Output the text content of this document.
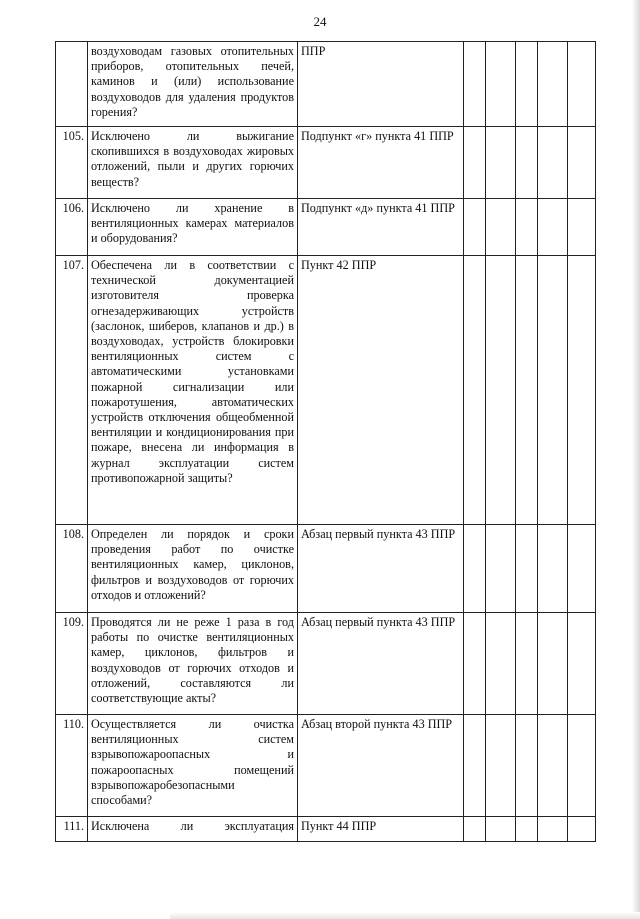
24
	воздуховодам газовых отопительных приборов, отопительных печей, каминов и (или) использование воздуховодов для удаления продуктов горения?	ППР					
105.	Исключено ли выжигание скопившихся в воздуховодах жировых отложений, пыли и других горючих веществ?	Подпункт «г» пункта 41 ППР					
106.	Исключено ли хранение в вентиляционных камерах материалов и оборудования?	Подпункт «д» пункта 41 ППР					
107.	Обеспечена ли в соответствии с технической документацией изготовителя проверка огнезадерживающих устройств (заслонок, шиберов, клапанов и др.) в воздуховодах, устройств блокировки вентиляционных систем с автоматическими установками пожарной сигнализации или пожаротушения, автоматических устройств отключения общеобменной вентиляции и кондиционирования при пожаре, внесена ли информация в журнал эксплуатации систем противопожарной защиты?	Пункт 42 ППР					
108.	Определен ли порядок и сроки проведения работ по очистке вентиляционных камер, циклонов, фильтров и воздуховодов от горючих отходов и отложений?	Абзац первый пункта 43 ППР					
109.	Проводятся ли не реже 1 раза в год работы по очистке вентиляционных камер, циклонов, фильтров и воздуховодов от горючих отходов и отложений, составляются ли соответствующие акты?	Абзац первый пункта 43 ППР					
110.	Осуществляется ли очистка вентиляционных систем взрывопожароопасных и пожароопасных помещений взрывопожаробезопасными способами?	Абзац второй пункта 43 ППР					
111.	Исключена ли эксплуатация	Пункт 44 ППР					
